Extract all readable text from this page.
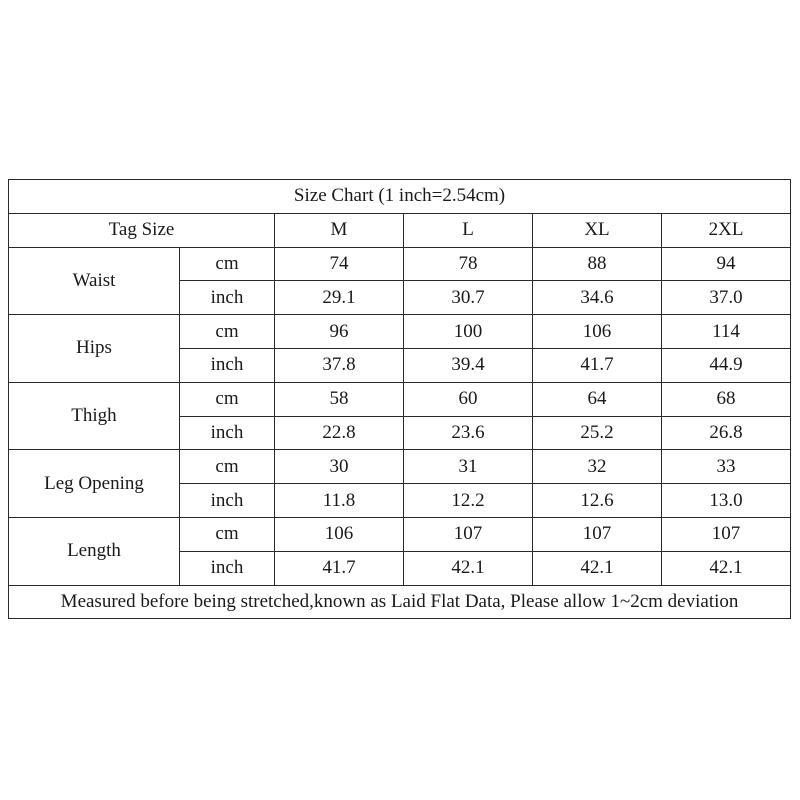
Size Chart (1 inch=2.54cm)					
Tag Size		M	L	XL	2XL
Waist	cm	74	78	88	94
	inch	29.1	30.7	34.6	37.0
Hips	cm	96	100	106	114
	inch	37.8	39.4	41.7	44.9
Thigh	cm	58	60	64	68
	inch	22.8	23.6	25.2	26.8
Leg Opening	cm	30	31	32	33
	inch	11.8	12.2	12.6	13.0
Length	cm	106	107	107	107
	inch	41.7	42.1	42.1	42.1
Measured before being stretched,known as Laid Flat Data, Please allow 1~2cm deviation					
